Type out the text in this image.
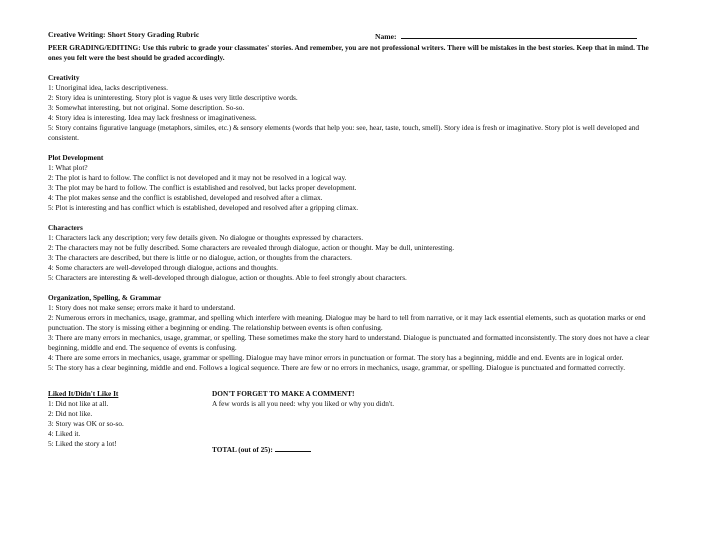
Creative Writing: Short Story Grading Rubric	Name:
PEER GRADING/EDITING: Use this rubric to grade your classmates' stories. And remember, you are not professional writers. There will be mistakes in the best stories. Keep that in mind. The ones you felt were the best should be graded accordingly.
Creativity
1: Unoriginal idea, lacks descriptiveness.
2: Story idea is uninteresting. Story plot is vague & uses very little descriptive words.
3: Somewhat interesting, but not original. Some description. So-so.
4: Story idea is interesting. Idea may lack freshness or imaginativeness.
5: Story contains figurative language (metaphors, similes, etc.) & sensory elements (words that help you: see, hear, taste, touch, smell). Story idea is fresh or imaginative. Story plot is well developed and consistent.
Plot Development
1: What plot?
2: The plot is hard to follow. The conflict is not developed and it may not be resolved in a logical way.
3: The plot may be hard to follow. The conflict is established and resolved, but lacks proper development.
4: The plot makes sense and the conflict is established, developed and resolved after a climax.
5: Plot is interesting and has conflict which is established, developed and resolved after a gripping climax.
Characters
1: Characters lack any description; very few details given. No dialogue or thoughts expressed by characters.
2: The characters may not be fully described. Some characters are revealed through dialogue, action or thought. May be dull, uninteresting.
3: The characters are described, but there is little or no dialogue, action, or thoughts from the characters.
4: Some characters are well-developed through dialogue, actions and thoughts.
5: Characters are interesting & well-developed through dialogue, action or thoughts. Able to feel strongly about characters.
Organization, Spelling, & Grammar
1: Story does not make sense; errors make it hard to understand.
2: Numerous errors in mechanics, usage, grammar, and spelling which interfere with meaning. Dialogue may be hard to tell from narrative, or it may lack essential elements, such as quotation marks or end punctuation. The story is missing either a beginning or ending. The relationship between events is often confusing.
3: There are many errors in mechanics, usage, grammar, or spelling. These sometimes make the story hard to understand. Dialogue is punctuated and formatted inconsistently. The story does not have a clear beginning, middle and end. The sequence of events is confusing.
4: There are some errors in mechanics, usage, grammar or spelling. Dialogue may have minor errors in punctuation or format. The story has a beginning, middle and end. Events are in logical order.
5: The story has a clear beginning, middle and end. Follows a logical sequence. There are few or no errors in mechanics, usage, grammar, or spelling. Dialogue is punctuated and formatted correctly.
Liked It/Didn't Like It
1: Did not like at all.
2: Did not like.
3: Story was OK or so-so.
4: Liked it.
5: Liked the story a lot!
DON'T FORGET TO MAKE A COMMENT!
A few words is all you need: why you liked or why you didn't.
TOTAL (out of 25):
